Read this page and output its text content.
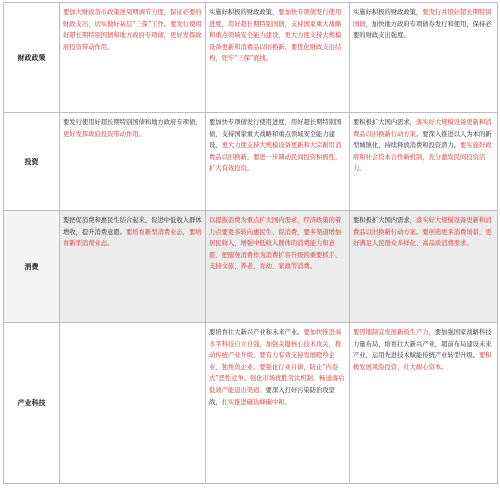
财政政策	要加大财政货币政策逆周期调节力度，保证必要的财政支出，切实做好基层“三保”工作。要发行使用好超长期特别国债和地方政府专项债，更好发挥政府投资带动作用。	实施好积极的财政政策，要加快专项债发行使用进度，用好超长期特别国债，支持国家重大战略和重点领域安全能力建设，更大力度支持大规模设备更新和消费品以旧换新。要优化财政支出结构，兜牢“三保”底线。	实施好积极的财政政策，要发行并用好超长期特别国债，加快地方政府专项债券发行和使用，保持必要的财政支出强度。
投资	要发行使用好超长期特别国债和地方政府专项债，更好发挥政府投资带动作用。	要加快专项债发行使用进度，用好超长期特别国债，支持国家重大战略和重点领域安全能力建设，更大力度支持大规模设备更新和大宗耐用消费品以旧换新。要进一步调动民间投资积极性，扩大有效投资。	要积极扩大国内需求，落实好大规模设备更新和消费品以旧换新行动方案。要深入推进以人为本的新型城镇化，持续释放消费和投资潜力。要实施好政府和社会资本合作新机制，充分激发民间投资活力。
消费	要把促消费和惠民生结合起来，促进中低收入群体增收，提升消费意愿。要培育新型消费业态，要培育新型消费业态。	以提振消费为重点扩大国内需求，经济政策的着力点要更多转向惠民生、促消费，要多渠道增加居民收入，增强中低收入群体的消费能力和意愿，把服务消费作为消费扩容升级的重要抓手，支持文旅、养老、育幼、家政等消费。	要积极扩大国内需求，落实好大规模设备更新和消费品以旧换新行动方案。要创造更多消费场景，更好满足人民群众多样化、高品质消费需求。
产业科技		要培育壮大新兴产业和未来产业。要加快推进高水平科技自立自强，加强关键核心技术攻关，推动传统产业升级。要有力有效支持发展瞪羚企业、独角兽企业。要强化行业自律，防止“内卷式”恶性竞争。强化市场优胜劣汰机制，畅通落后低效产能退出渠道。要深入打好污染防治攻坚战，扎实推进碳达峰碳中和。	要因地制宜发展新质生产力，要加强国家战略科技力量布局，培育壮大新兴产业，超前布局建设未来产业，运用先进技术赋能传统产业转型升级。要积极发展风险投资，壮大耐心资本。
